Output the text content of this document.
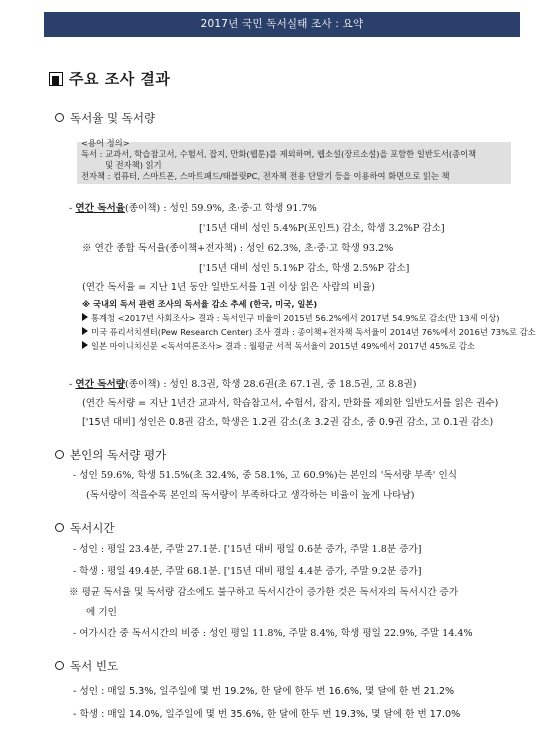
2017년 국민 독서실태 조사 : 요약
주요 조사 결과
독서율 및 독서량
<용어 정의>
독서 : 교과서, 학습참고서, 수험서, 잡지, 만화(웹툰)를 제외하며, 웹소설(장르소설)을 포함한 일반도서(종이책
및 전자책) 읽기
전자책 : 컴퓨터, 스마트폰, 스마트패드/태블릿PC, 전자책 전용 단말기 등을 이용하여 화면으로 읽는 책
- 연간 독서율(종이책) : 성인 59.9%, 초·중·고 학생 91.7%
['15년 대비 성인 5.4%P(포인트) 감소, 학생 3.2%P 감소]
※ 연간 종합 독서율(종이책+전자책) : 성인 62.3%, 초·중·고 학생 93.2%
['15년 대비 성인 5.1%P 감소, 학생 2.5%P 감소]
(연간 독서율 = 지난 1년 동안 일반도서를 1권 이상 읽은 사람의 비율)
※ 국내외 독서 관련 조사의 독서율 감소 추세 (한국, 미국, 일본)
통계청 <2017년 사회조사> 결과 : 독서인구 비율이 2015년 56.2%에서 2017년 54.9%로 감소(만 13세 이상)
미국 퓨리서치센터(Pew Research Center) 조사 결과 : 종이책+전자책 독서율이 2014년 76%에서 2016년 73%로 감소
일본 마이니치신문 <독서여론조사> 결과 : 월평균 서적 독서율이 2015년 49%에서 2017년 45%로 감소
- 연간 독서량(종이책) : 성인 8.3권, 학생 28.6권(초 67.1권, 중 18.5권, 고 8.8권)
(연간 독서량 = 지난 1년간 교과서, 학습참고서, 수험서, 잡지, 만화를 제외한 일반도서를 읽은 권수)
['15년 대비] 성인은 0.8권 감소, 학생은 1.2권 감소(초 3.2권 감소, 중 0.9권 감소, 고 0.1권 감소)
본인의 독서량 평가
- 성인 59.6%, 학생 51.5%(초 32.4%, 중 58.1%, 고 60.9%)는 본인의 '독서량 부족' 인식
(독서량이 적을수록 본인의 독서량이 부족하다고 생각하는 비율이 높게 나타남)
독서시간
- 성인 : 평일 23.4분, 주말 27.1분. ['15년 대비 평일 0.6분 증가, 주말 1.8분 증가]
- 학생 : 평일 49.4분, 주말 68.1분. ['15년 대비 평일 4.4분 증가, 주말 9.2분 증가]
※ 평균 독서율 및 독서량 감소에도 불구하고 독서시간이 증가한 것은 독서자의 독서시간 증가
에 기인
- 여가시간 중 독서시간의 비중 : 성인 평일 11.8%, 주말 8.4%, 학생 평일 22.9%, 주말 14.4%
독서 빈도
- 성인 : 매일 5.3%, 일주일에 몇 번 19.2%, 한 달에 한두 번 16.6%, 몇 달에 한 번 21.2%
- 학생 : 매일 14.0%, 일주일에 몇 번 35.6%, 한 달에 한두 번 19.3%, 몇 달에 한 번 17.0%
